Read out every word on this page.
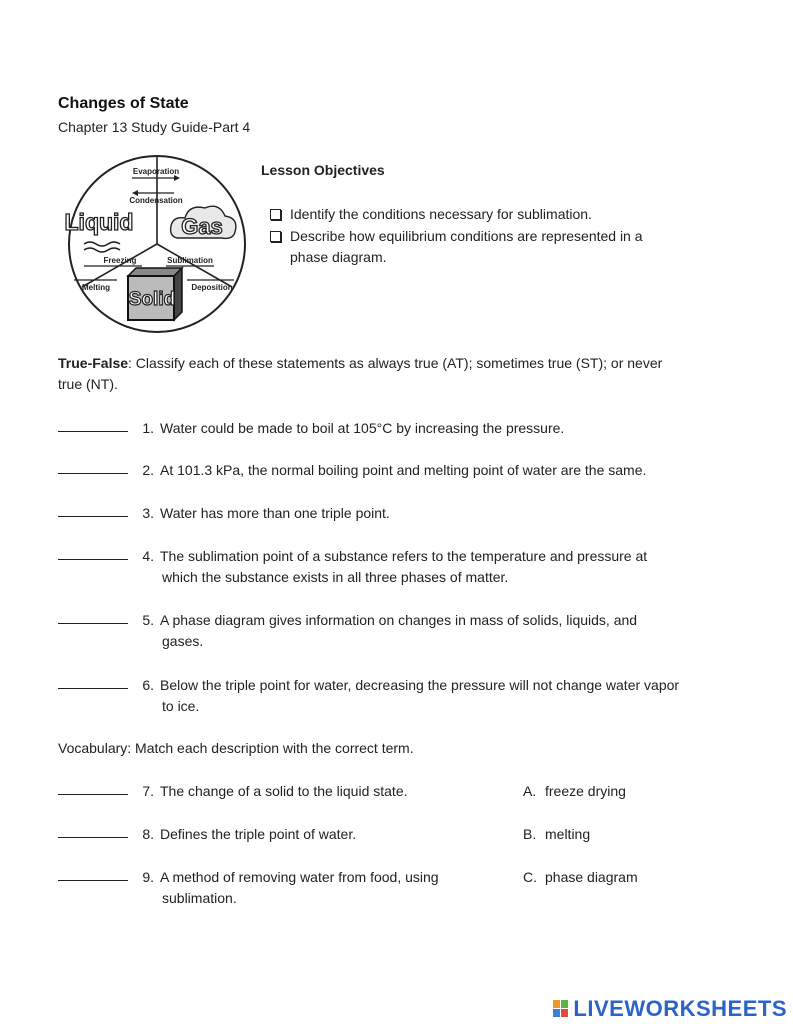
Changes of State
Chapter 13 Study Guide-Part 4
Evaporation
Condensation
Freezing	Sublimation
Melting	Deposition
Liquid Gas
Solid
Lesson Objectives
Identify the conditions necessary for sublimation.
Describe how equilibrium conditions are represented in a
phase diagram.
True-False: Classify each of these statements as always true (AT); sometimes true (ST); or never
true (NT).
1. Water could be made to boil at 105°C by increasing the pressure.
2. At 101.3 kPa, the normal boiling point and melting point of water are the same.
3. Water has more than one triple point.
4. The sublimation point of a substance refers to the temperature and pressure at
which the substance exists in all three phases of matter.
5. A phase diagram gives information on changes in mass of solids, liquids, and
gases.
6. Below the triple point for water, decreasing the pressure will not change water vapor
to ice.
Vocabulary: Match each description with the correct term.
7. The change of a solid to the liquid state.
8. Defines the triple point of water.
9. A method of removing water from food, using
sublimation.
A. freeze drying
B. melting
C. phase diagram
LIVEWORKSHEETS
